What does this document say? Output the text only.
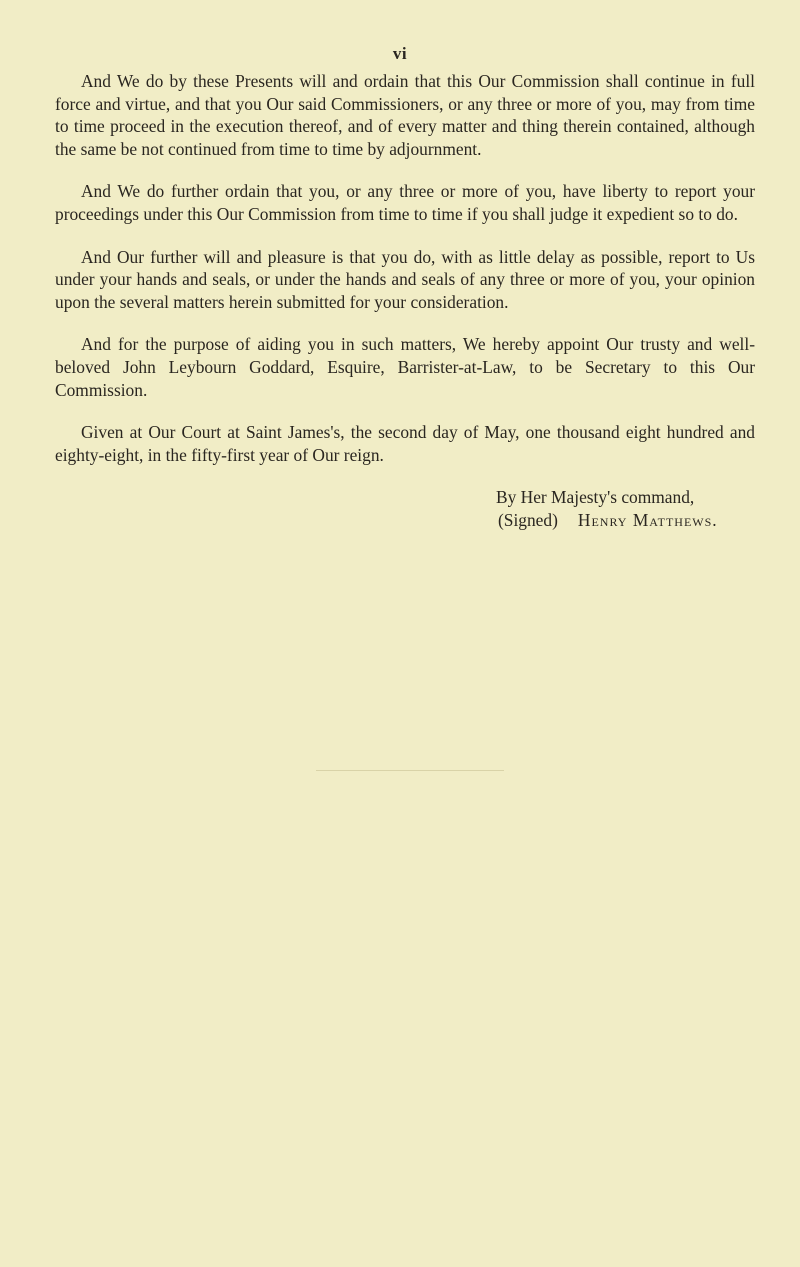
vi

And We do by these Presents will and ordain that this Our Commission shall continue in full force and virtue, and that you Our said Commissioners, or any three or more of you, may from time to time proceed in the execution thereof, and of every matter and thing therein contained, although the same be not continued from time to time by adjournment.

And We do further ordain that you, or any three or more of you, have liberty to report your proceedings under this Our Commission from time to time if you shall judge it expedient so to do.

And Our further will and pleasure is that you do, with as little delay as possible, report to Us under your hands and seals, or under the hands and seals of any three or more of you, your opinion upon the several matters herein submitted for your consideration.

And for the purpose of aiding you in such matters, We hereby appoint Our trusty and well-beloved John Leybourn Goddard, Esquire, Barrister-at-Law, to be Secretary to this Our Commission.

Given at Our Court at Saint James's, the second day of May, one thousand eight hundred and eighty-eight, in the fifty-first year of Our reign.

By Her Majesty's command,
(Signed) Henry Matthews.
